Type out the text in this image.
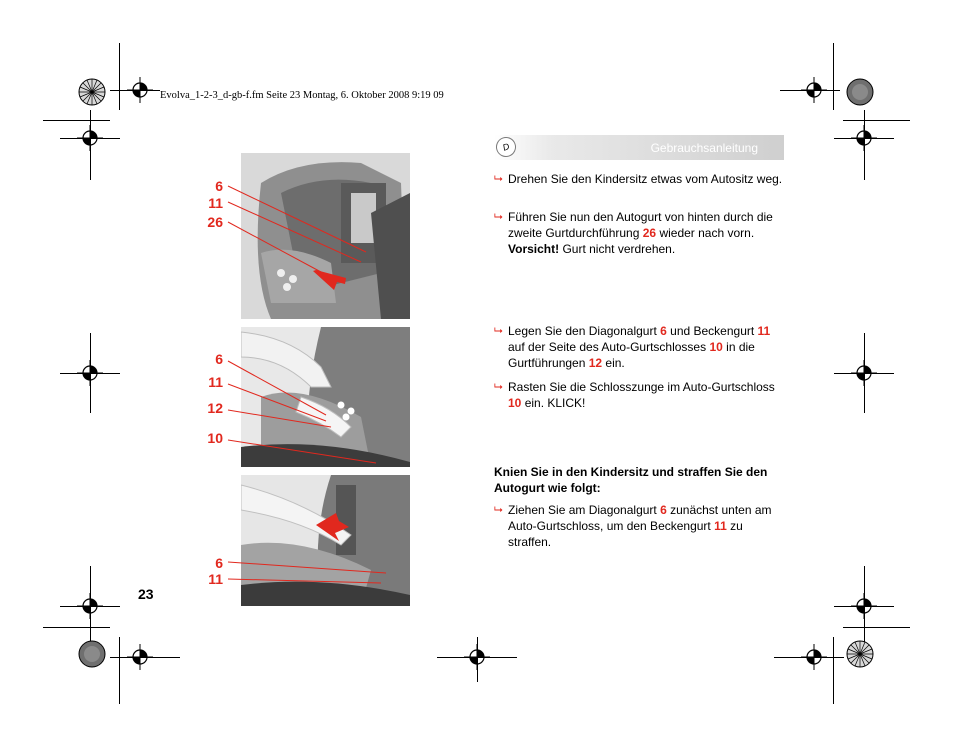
Evolva_1-2-3_d-gb-f.fm Seite 23 Montag, 6. Oktober 2008 9:19 09
D	Gebrauchsanleitung
⮡ Drehen Sie den Kindersitz etwas vom Autositz weg.
⮡ Führen Sie nun den Autogurt von hinten durch die zweite Gurtdurchführung 26 wieder nach vorn. Vorsicht! Gurt nicht verdrehen.
⮡ Legen Sie den Diagonalgurt 6 und Beckengurt 11 auf der Seite des Auto-Gurtschlosses 10 in die Gurtführungen 12 ein.
⮡ Rasten Sie die Schlosszunge im Auto-Gurtschloss 10 ein. KLICK!
Knien Sie in den Kindersitz und straffen Sie den Autogurt wie folgt:
⮡ Ziehen Sie am Diagonalgurt 6 zunächst unten am Auto-Gurtschloss, um den Beckengurt 11 zu straffen.
6
11
26
6
11
12
10
6
11
23
